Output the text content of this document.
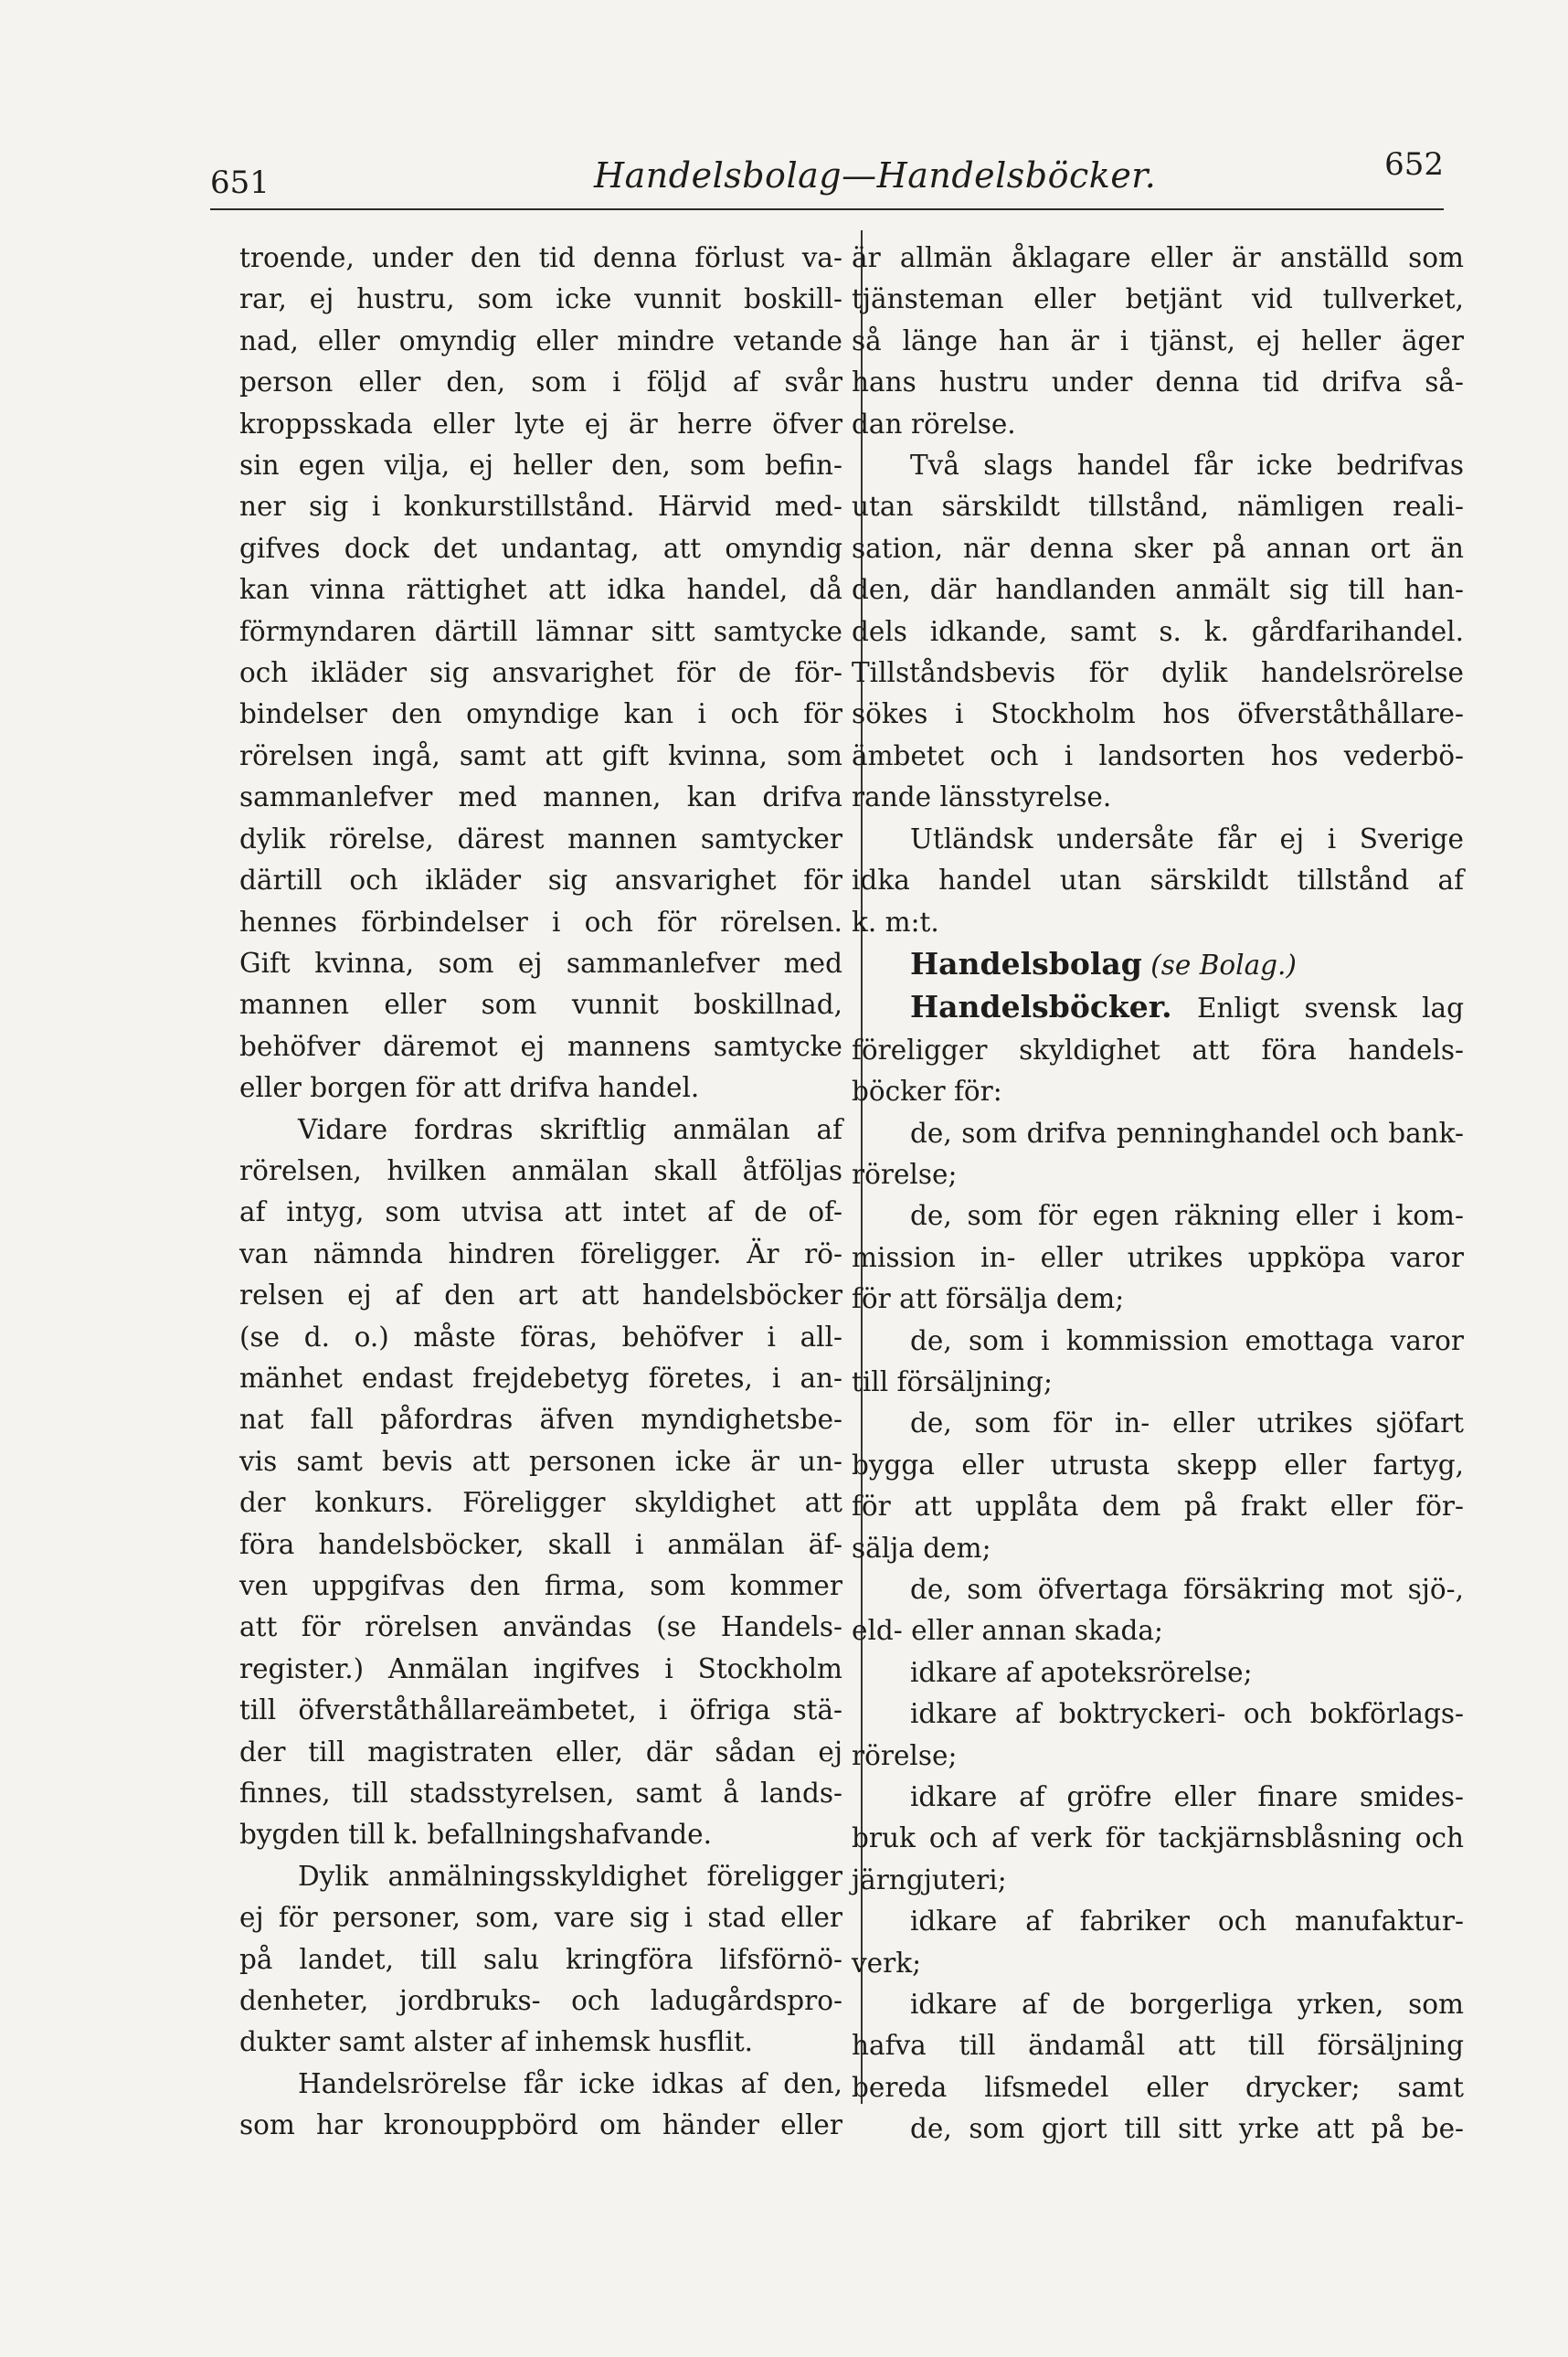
651	Handelsbolag—Handelsböcker.	652
troende, under den tid denna förlust va-
rar, ej hustru, som icke vunnit boskill-
nad, eller omyndig eller mindre vetande
person eller den, som i följd af svår
kroppsskada eller lyte ej är herre öfver
sin egen vilja, ej heller den, som befin-
ner sig i konkurstillstånd. Härvid med-
gifves dock det undantag, att omyndig
kan vinna rättighet att idka handel, då
förmyndaren därtill lämnar sitt samtycke
och ikläder sig ansvarighet för de för-
bindelser den omyndige kan i och för
rörelsen ingå, samt att gift kvinna, som
sammanlefver med mannen, kan drifva
dylik rörelse, därest mannen samtycker
därtill och ikläder sig ansvarighet för
hennes förbindelser i och för rörelsen.
Gift kvinna, som ej sammanlefver med
mannen eller som vunnit boskillnad,
behöfver däremot ej mannens samtycke
eller borgen för att drifva handel.
Vidare fordras skriftlig anmälan af
rörelsen, hvilken anmälan skall åtföljas
af intyg, som utvisa att intet af de of-
van nämnda hindren föreligger. Är rö-
relsen ej af den art att handelsböcker
(se d. o.) måste föras, behöfver i all-
mänhet endast frejdebetyg företes, i an-
nat fall påfordras äfven myndighetsbe-
vis samt bevis att personen icke är un-
der konkurs. Föreligger skyldighet att
föra handelsböcker, skall i anmälan äf-
ven uppgifvas den firma, som kommer
att för rörelsen användas (se Handels-
register.) Anmälan ingifves i Stockholm
till öfverståthållareämbetet, i öfriga stä-
der till magistraten eller, där sådan ej
finnes, till stadsstyrelsen, samt å lands-
bygden till k. befallningshafvande.
Dylik anmälningsskyldighet föreligger
ej för personer, som, vare sig i stad eller
på landet, till salu kringföra lifsförnö-
denheter, jordbruks- och ladugårdspro-
dukter samt alster af inhemsk husflit.
Handelsrörelse får icke idkas af den,
som har kronouppbörd om händer eller
är allmän åklagare eller är anställd som
tjänsteman eller betjänt vid tullverket,
så länge han är i tjänst, ej heller äger
hans hustru under denna tid drifva så-
dan rörelse.
Två slags handel får icke bedrifvas
utan särskildt tillstånd, nämligen reali-
sation, när denna sker på annan ort än
den, där handlanden anmält sig till han-
dels idkande, samt s. k. gårdfarihandel.
Tillståndsbevis för dylik handelsrörelse
sökes i Stockholm hos öfverståthållare-
ämbetet och i landsorten hos vederbö-
rande länsstyrelse.
Utländsk undersåte får ej i Sverige
idka handel utan särskildt tillstånd af
k. m:t.
Handelsbolag (se Bolag.)
Handelsböcker. Enligt svensk lag
föreligger skyldighet att föra handels-
böcker för:
de, som drifva penninghandel och bank-
rörelse;
de, som för egen räkning eller i kom-
mission in- eller utrikes uppköpa varor
för att försälja dem;
de, som i kommission emottaga varor
till försäljning;
de, som för in- eller utrikes sjöfart
bygga eller utrusta skepp eller fartyg,
för att upplåta dem på frakt eller för-
sälja dem;
de, som öfvertaga försäkring mot sjö-,
eld- eller annan skada;
idkare af apoteksrörelse;
idkare af boktryckeri- och bokförlags-
rörelse;
idkare af gröfre eller finare smides-
bruk och af verk för tackjärnsblåsning och
järngjuteri;
idkare af fabriker och manufaktur-
verk;
idkare af de borgerliga yrken, som
hafva till ändamål att till försäljning
bereda lifsmedel eller drycker; samt
de, som gjort till sitt yrke att på be-
